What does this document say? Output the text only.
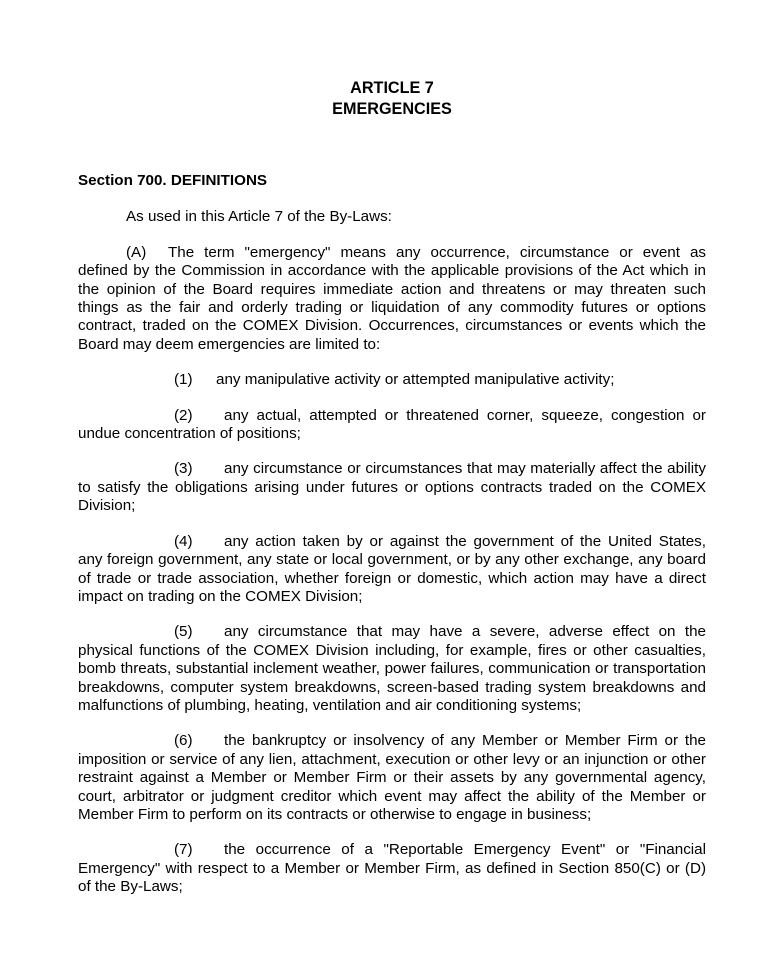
ARTICLE 7

EMERGENCIES

Section 700. DEFINITIONS

As used in this Article 7 of the By-Laws:

(A) The term "emergency" means any occurrence, circumstance or event as defined by the Commission in accordance with the applicable provisions of the Act which in the opinion of the Board requires immediate action and threatens or may threaten such things as the fair and orderly trading or liquidation of any commodity futures or options contract, traded on the COMEX Division. Occurrences, circumstances or events which the Board may deem emergencies are limited to:

(1) any manipulative activity or attempted manipulative activity;

(2) any actual, attempted or threatened corner, squeeze, congestion or undue concentration of positions;

(3) any circumstance or circumstances that may materially affect the ability to satisfy the obligations arising under futures or options contracts traded on the COMEX Division;

(4) any action taken by or against the government of the United States, any foreign government, any state or local government, or by any other exchange, any board of trade or trade association, whether foreign or domestic, which action may have a direct impact on trading on the COMEX Division;

(5) any circumstance that may have a severe, adverse effect on the physical functions of the COMEX Division including, for example, fires or other casualties, bomb threats, substantial inclement weather, power failures, communication or transportation breakdowns, computer system breakdowns, screen-based trading system breakdowns and malfunctions of plumbing, heating, ventilation and air conditioning systems;

(6) the bankruptcy or insolvency of any Member or Member Firm or the imposition or service of any lien, attachment, execution or other levy or an injunction or other restraint against a Member or Member Firm or their assets by any governmental agency, court, arbitrator or judgment creditor which event may affect the ability of the Member or Member Firm to perform on its contracts or otherwise to engage in business;

(7) the occurrence of a "Reportable Emergency Event" or "Financial Emergency" with respect to a Member or Member Firm, as defined in Section 850(C) or (D) of the By-Laws;
